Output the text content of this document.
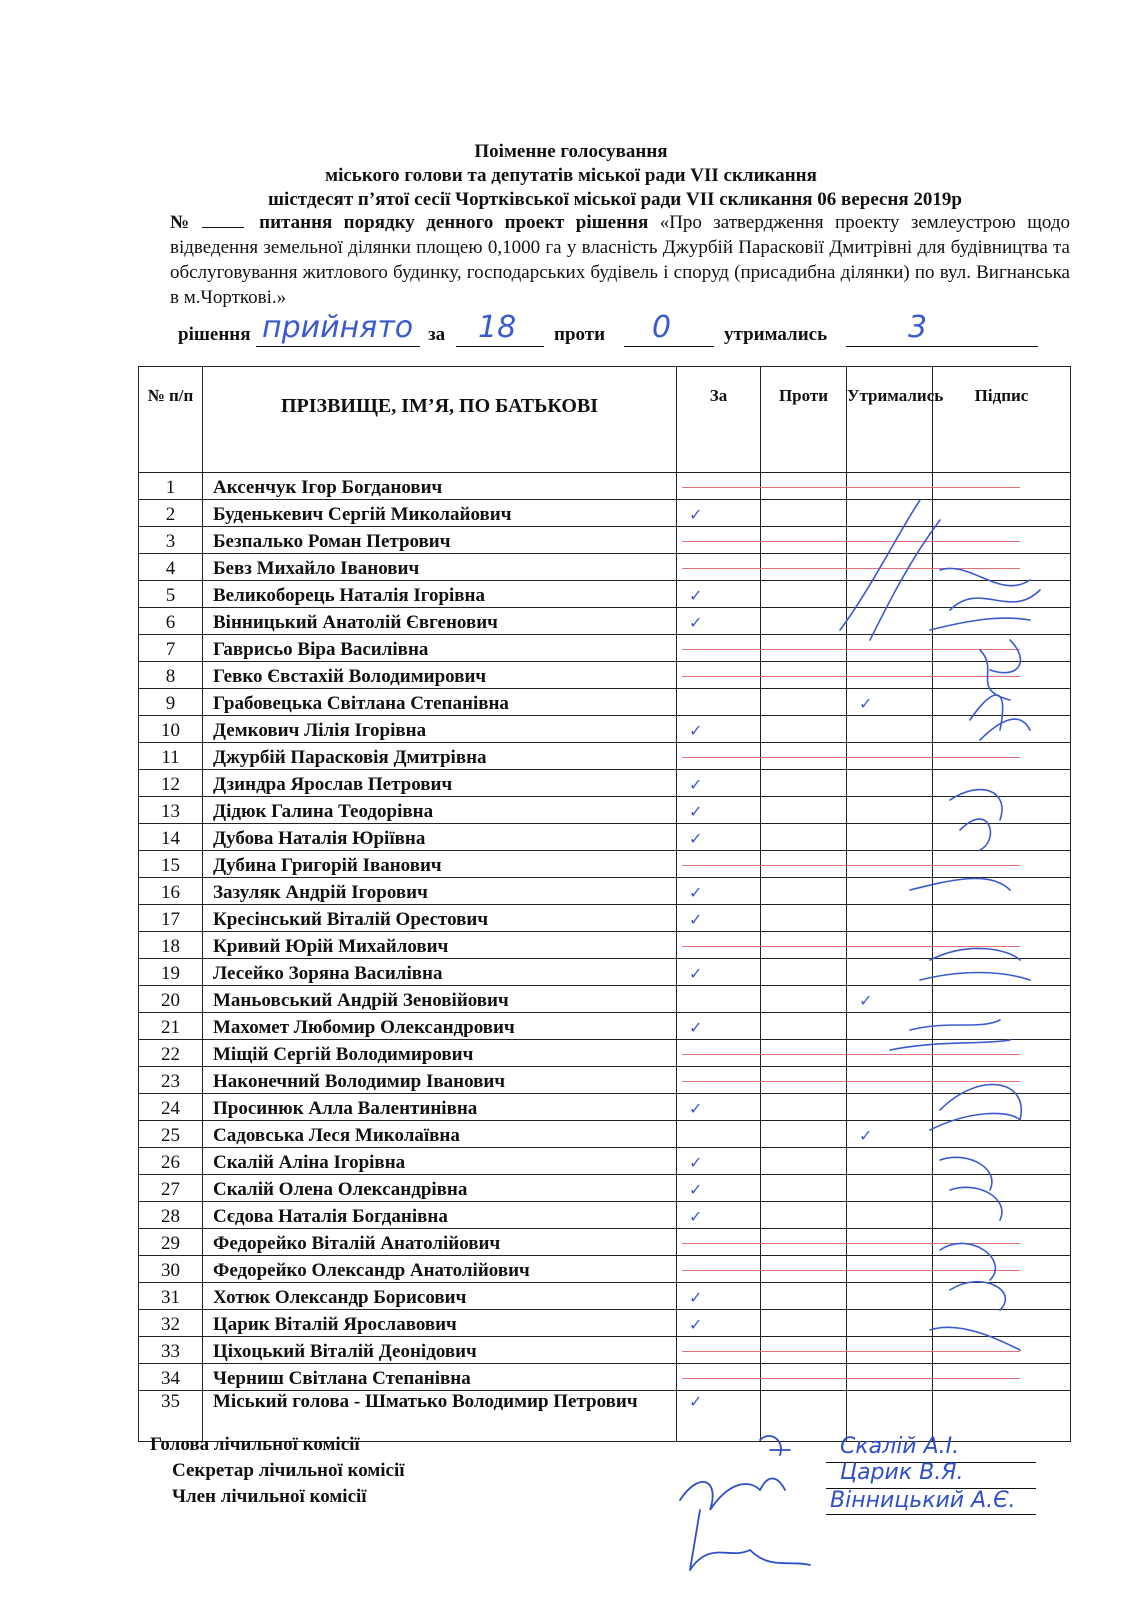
Поіменне голосування
міського голови та депутатів міської ради VII скликання
шістдесят п’ятої сесії Чортківської міської ради VII скликання 06 вересня 2019р
№	питання порядку денного проект рішення «Про затвердження проекту землеустрою щодо відведення земельної ділянки площею 0,1000 га у власність Джурбій Парасковії Дмитрівні для будівництва та обслуговування житлового будинку, господарських будівель і споруд (присадибна ділянки) по вул. Вигнанська в м.Чорткові.»
рішення прийнято за 18 проти 0	утримались	3
№ п/п	ПРІЗВИЩЕ, ІМ’Я, ПО БАТЬКОВІ	За	Проти	Утримались	Підпис
1	Аксенчук Ігор Богданович				
2	Буденькевич Сергій Миколайович	✓			
3	Безпалько Роман Петрович				
4	Бевз Михайло Іванович				
5	Великоборець Наталія Ігорівна	✓			
6	Вінницький Анатолій Євгенович	✓			
7	Гаврисьо Віра Василівна				
8	Гевко Євстахій Володимирович				
9	Грабовецька Світлана Степанівна			✓	
10	Демкович Лілія Ігорівна	✓			
11	Джурбій Парасковія Дмитрівна				
12	Дзиндра Ярослав Петрович	✓			
13	Дідюк Галина Теодорівна	✓			
14	Дубова Наталія Юріївна	✓			
15	Дубина Григорій Іванович				
16	Зазуляк Андрій Ігорович	✓			
17	Кресінський Віталій Орестович	✓			
18	Кривий Юрій Михайлович				
19	Лесейко Зоряна Василівна	✓			
20	Маньовський Андрій Зеновійович			✓	
21	Махомет Любомир Олександрович	✓			
22	Міщій Сергій Володимирович				
23	Наконечний Володимир Іванович				
24	Просинюк Алла Валентинівна	✓			
25	Садовська Леся Миколаївна			✓	
26	Скалій Аліна Ігорівна	✓			
27	Скалій Олена Олександрівна	✓			
28	Сєдова Наталія Богданівна	✓			
29	Федорейко Віталій Анатолійович				
30	Федорейко Олександр Анатолійович				
31	Хотюк Олександр Борисович	✓			
32	Царик Віталій Ярославович	✓			
33	Ціхоцький Віталій Деонідович				
34	Черниш Світлана Степанівна				
35	Міський голова - Шматько Володимир Петрович	✓			
Голова лічильної комісії
Секретар лічильної комісії
Член лічильної комісії
Скалій А.І.
Царик В.Я.
Вінницький А.Є.
